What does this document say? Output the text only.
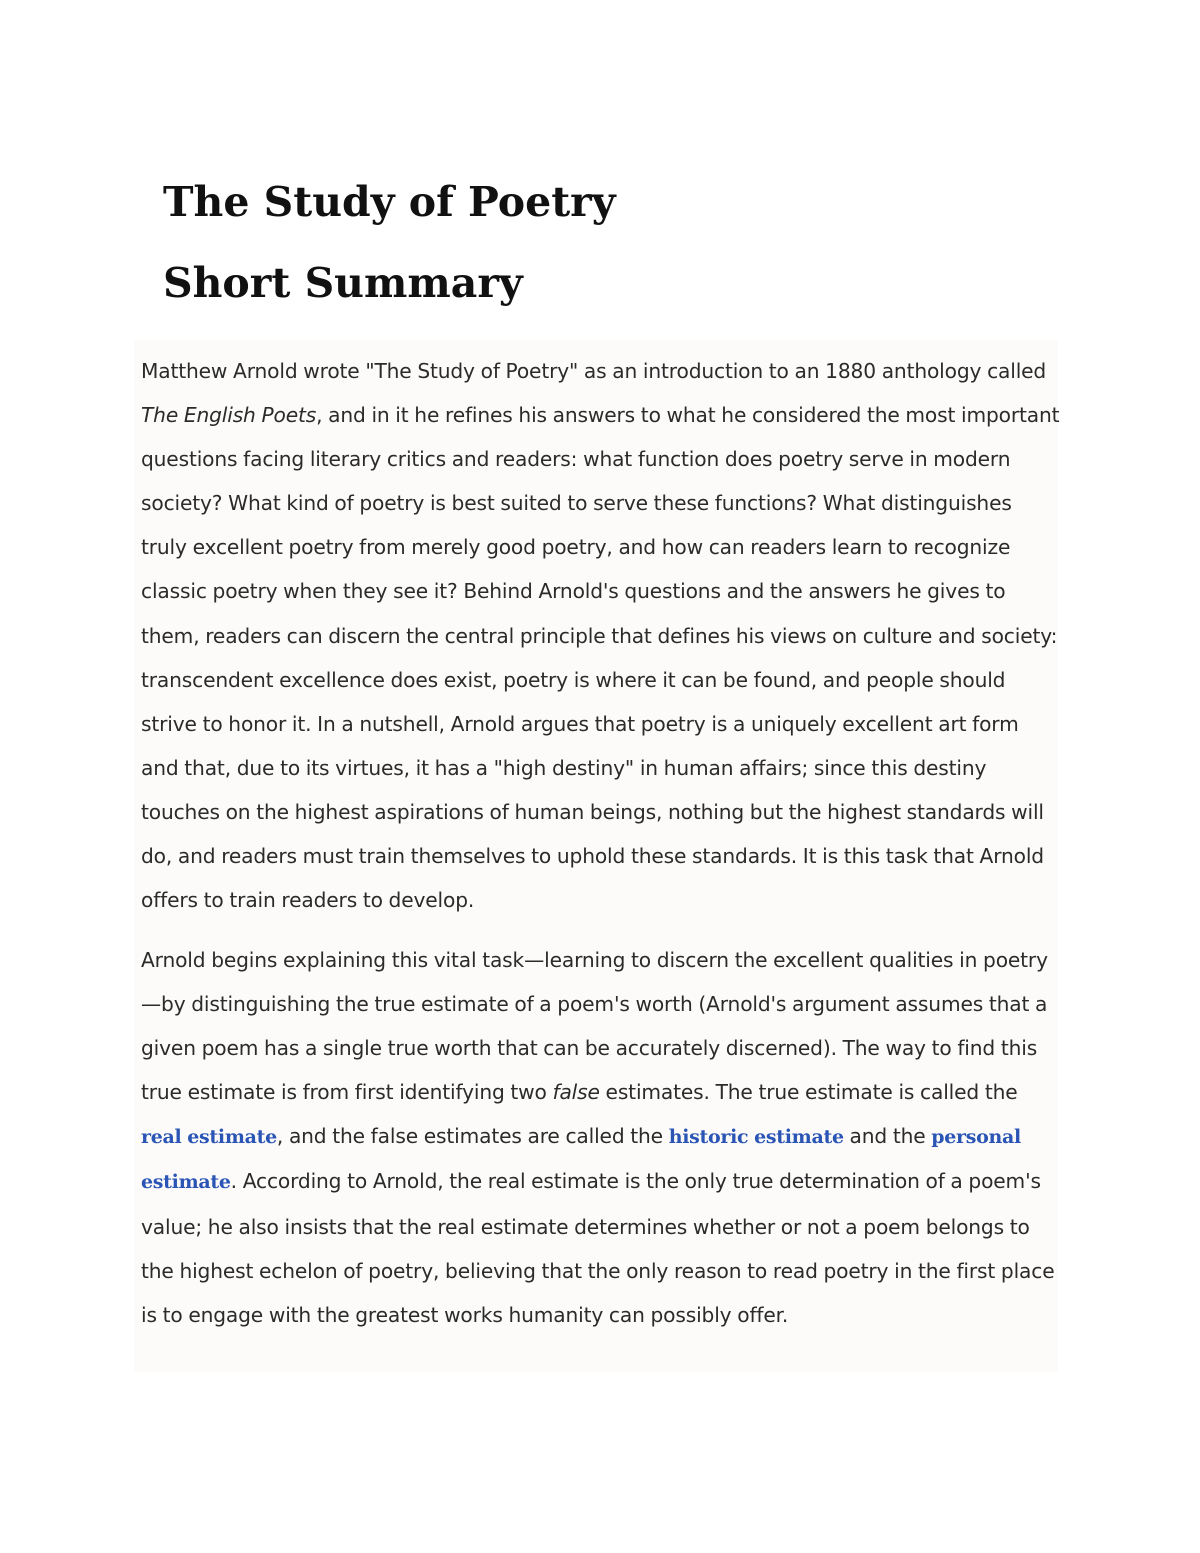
The Study of Poetry
Short Summary

Matthew Arnold wrote "The Study of Poetry" as an introduction to an 1880 anthology called The English Poets, and in it he refines his answers to what he considered the most important questions facing literary critics and readers: what function does poetry serve in modern society? What kind of poetry is best suited to serve these functions? What distinguishes truly excellent poetry from merely good poetry, and how can readers learn to recognize classic poetry when they see it? Behind Arnold's questions and the answers he gives to them, readers can discern the central principle that defines his views on culture and society: transcendent excellence does exist, poetry is where it can be found, and people should strive to honor it. In a nutshell, Arnold argues that poetry is a uniquely excellent art form and that, due to its virtues, it has a "high destiny" in human affairs; since this destiny touches on the highest aspirations of human beings, nothing but the highest standards will do, and readers must train themselves to uphold these standards. It is this task that Arnold offers to train readers to develop.

Arnold begins explaining this vital task—learning to discern the excellent qualities in poetry—by distinguishing the true estimate of a poem's worth (Arnold's argument assumes that a given poem has a single true worth that can be accurately discerned). The way to find this true estimate is from first identifying two false estimates. The true estimate is called the real estimate, and the false estimates are called the historic estimate and the personal estimate. According to Arnold, the real estimate is the only true determination of a poem's value; he also insists that the real estimate determines whether or not a poem belongs to the highest echelon of poetry, believing that the only reason to read poetry in the first place is to engage with the greatest works humanity can possibly offer.
